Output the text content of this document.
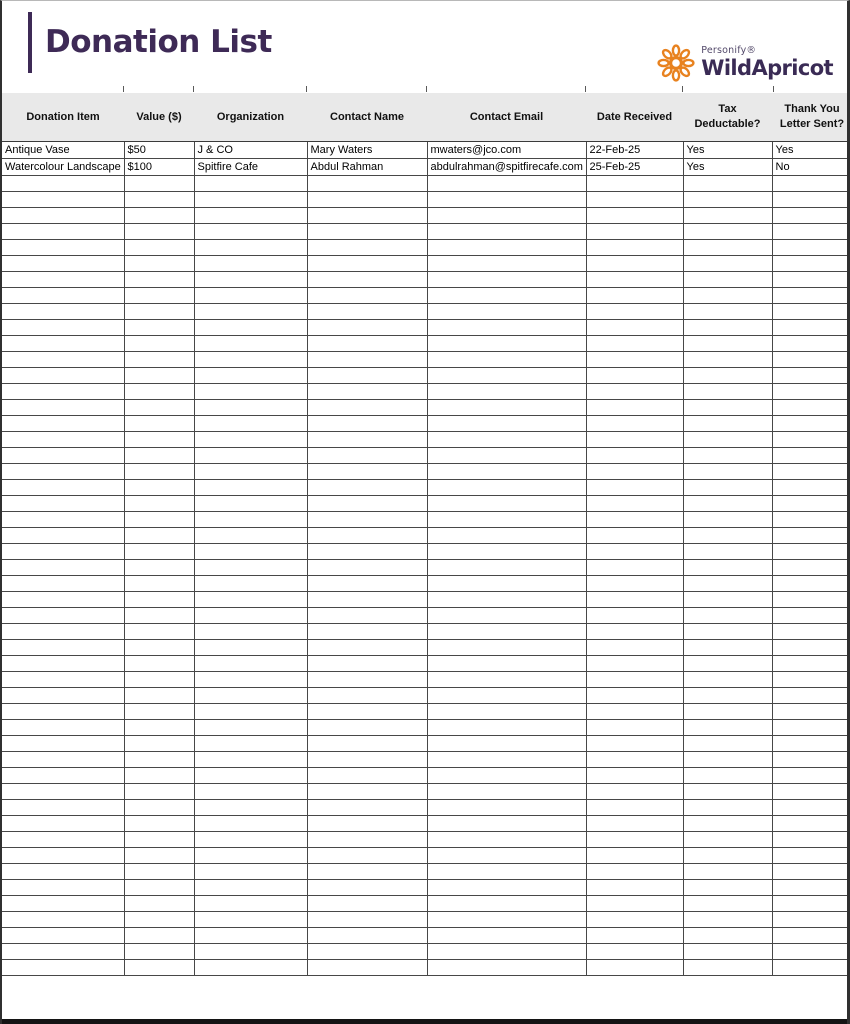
Donation List	Personify®
WildApricot
Donation Item	Value ($)	Organization	Contact Name	Contact Email	Date Received	Tax Deductable?	Thank You Letter Sent?
Antique Vase	$50	J & CO	Mary Waters	mwaters@jco.com	22-Feb-25	Yes	Yes
Watercolour Landscape	$100	Spitfire Cafe	Abdul Rahman	abdulrahman@spitfirecafe.com	25-Feb-25	Yes	No
